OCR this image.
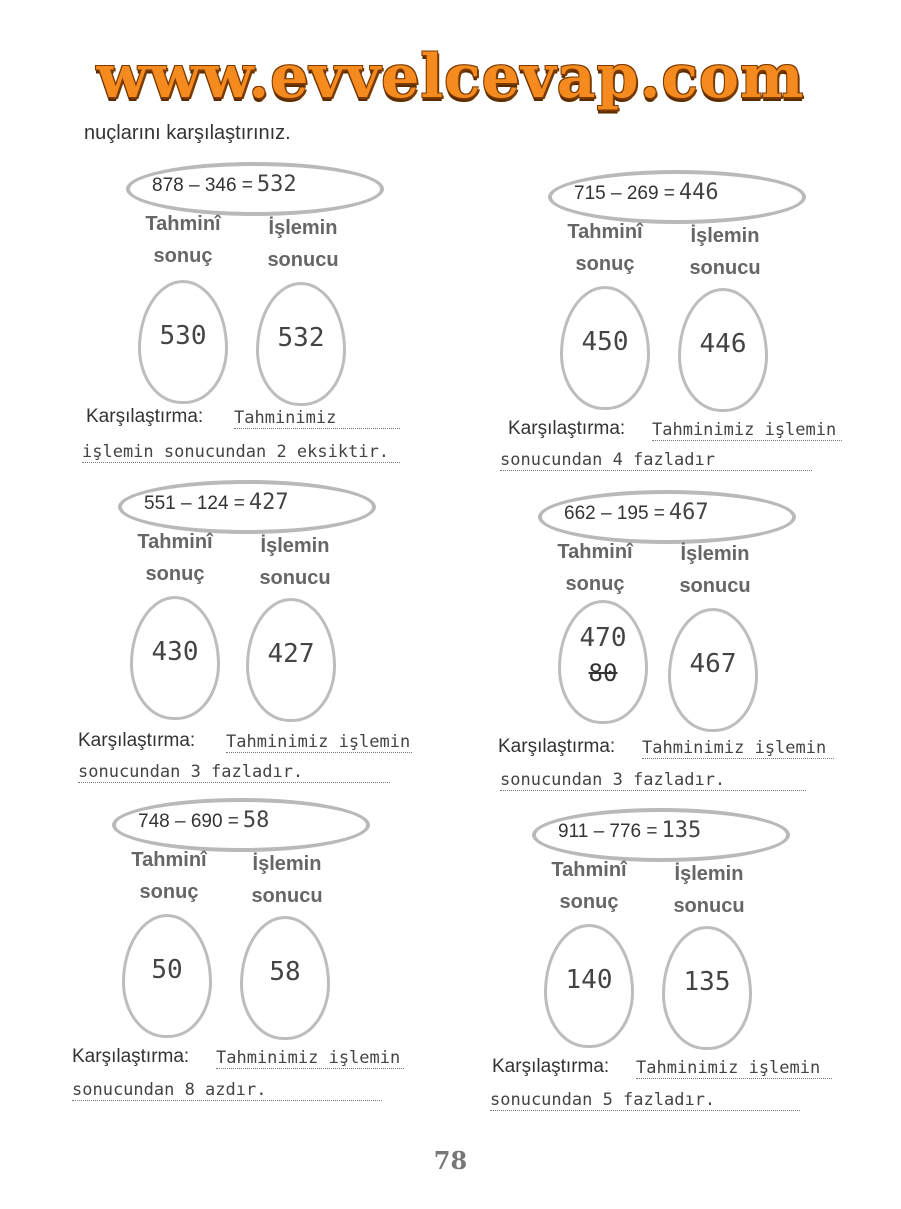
www.evvelcevap.com
nuçlarını karşılaştırınız.
878 – 346 = 532
Tahminî sonuç
İşlemin sonucu
530	532
Karşılaştırma: Tahminimiz
işlemin sonucundan 2 eksiktir.
715 – 269 = 446
Tahminî sonuç
İşlemin sonucu
450	446
Karşılaştırma: Tahminimiz işlemin
sonucundan 4 fazladır
551 – 124 = 427
Tahminî sonuç
İşlemin sonucu
430	427
Karşılaştırma: Tahminimiz işlemin
sonucundan 3 fazladır.
662 – 195 = 467
Tahminî sonuç
İşlemin sonucu
470
80	467
Karşılaştırma: Tahminimiz işlemin
sonucundan 3 fazladır.
748 – 690 = 58
Tahminî sonuç
İşlemin sonucu
50	58
Karşılaştırma: Tahminimiz işlemin
sonucundan 8 azdır.
911 – 776 = 135
Tahminî sonuç
İşlemin sonucu
140	135
Karşılaştırma: Tahminimiz işlemin
sonucundan 5 fazladır.
78
